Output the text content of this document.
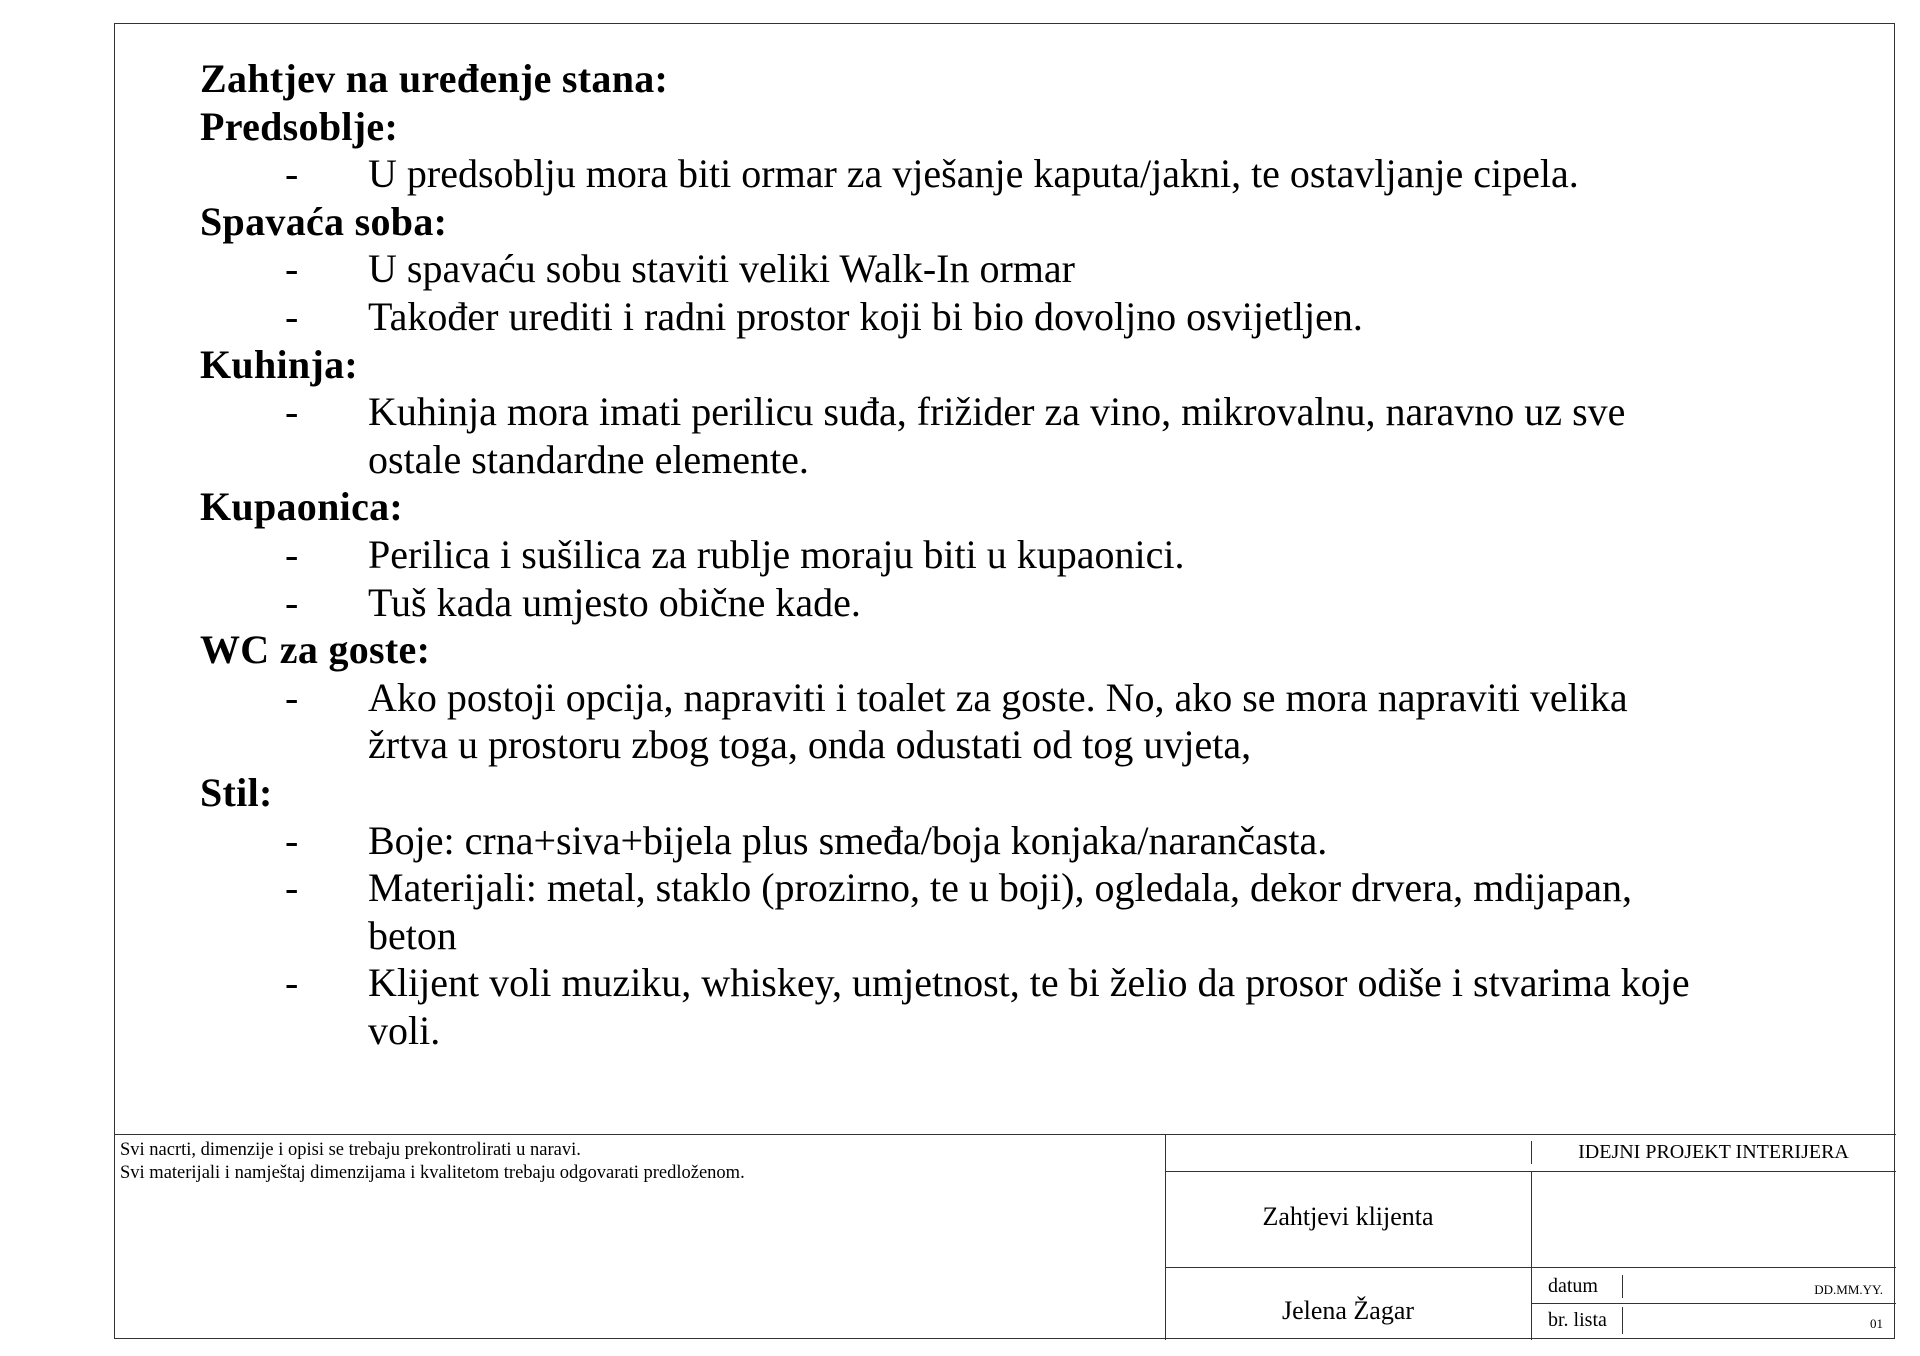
Zahtjev na uređenje stana:
Predsoblje:
- U predsoblju mora biti ormar za vješanje kaputa/jakni, te ostavljanje cipela.
Spavaća soba:
- U spavaću sobu staviti veliki Walk-In ormar
- Također urediti i radni prostor koji bi bio dovoljno osvijetljen.
Kuhinja:
- Kuhinja mora imati perilicu suđa, frižider za vino, mikrovalnu, naravno uz sve
ostale standardne elemente.
Kupaonica:
- Perilica i sušilica za rublje moraju biti u kupaonici.
- Tuš kada umjesto obične kade.
WC za goste:
- Ako postoji opcija, napraviti i toalet za goste. No, ako se mora napraviti velika
žrtva u prostoru zbog toga, onda odustati od tog uvjeta,
Stil:
- Boje: crna+siva+bijela plus smeđa/boja konjaka/narančasta.
- Materijali: metal, staklo (prozirno, te u boji), ogledala, dekor drvera, mdijapan,
beton
- Klijent voli muziku, whiskey, umjetnost, te bi želio da prosor odiše i stvarima koje
voli.
Svi nacrti, dimenzije i opisi se trebaju prekontrolirati u naravi.
Svi materijali i namještaj dimenzijama i kvalitetom trebaju odgovarati predloženom.
IDEJNI PROJEKT INTERIJERA
Zahtjevi klijenta
Jelena Žagar
datum	DD.MM.YY.
br. lista	01
